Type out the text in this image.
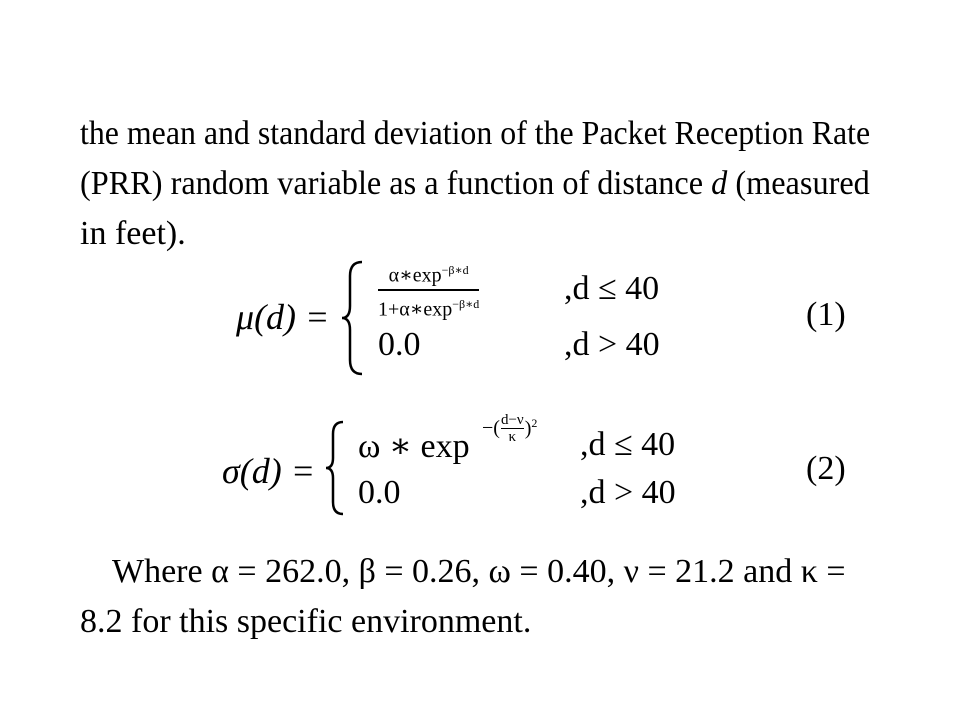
the mean and standard deviation of the Packet Reception Rate
(PRR) random variable as a function of distance d (measured
in feet).
μ(d) =
$\alpha∗\exp^{-\beta∗d}$
$1+\alpha∗\exp^{-\beta∗d}$ ,d ≤ 40
0.0	,d > 40
(1)
σ(d) =
ω ∗ exp −( d−ν
κ )$^2$
,d ≤ 40
0.0	,d > 40
(2)
Where α = 262.0, β = 0.26, ω = 0.40, ν = 21.2 and κ =
8.2 for this specific environment.
